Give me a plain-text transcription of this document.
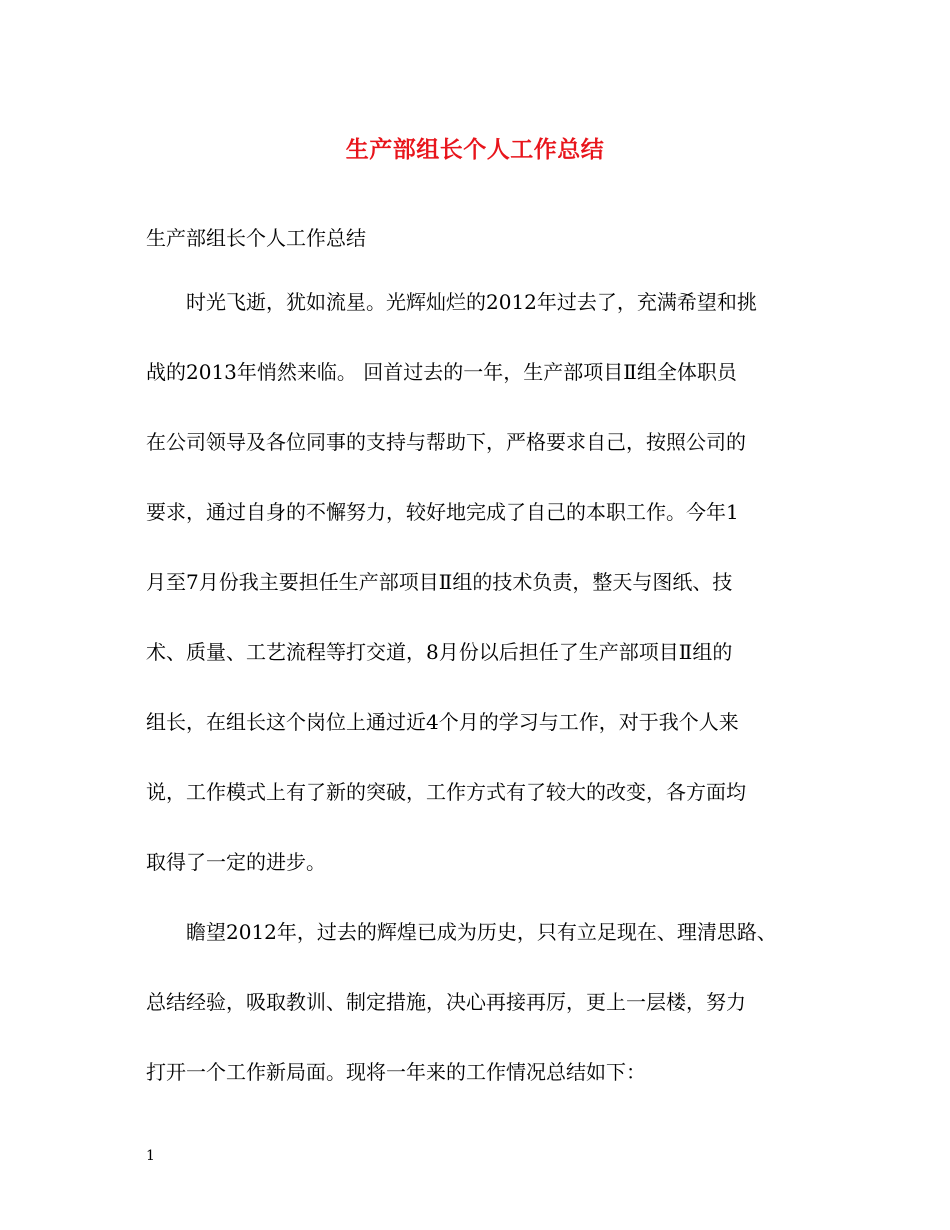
生产部组长个人工作总结
生产部组长个人工作总结
　　时光飞逝，犹如流星。光辉灿烂的2012年过去了，充满希望和挑
战的2013年悄然来临。 回首过去的一年，生产部项目Ⅱ组全体职员
在公司领导及各位同事的支持与帮助下，严格要求自己，按照公司的
要求，通过自身的不懈努力，较好地完成了自己的本职工作。今年1
月至7月份我主要担任生产部项目Ⅱ组的技术负责，整天与图纸、技
术、质量、工艺流程等打交道，8月份以后担任了生产部项目Ⅱ组的
组长，在组长这个岗位上通过近4个月的学习与工作，对于我个人来
说，工作模式上有了新的突破，工作方式有了较大的改变，各方面均
取得了一定的进步。
　　瞻望2012年，过去的辉煌已成为历史，只有立足现在、理清思路、
总结经验，吸取教训、制定措施，决心再接再厉，更上一层楼，努力
打开一个工作新局面。现将一年来的工作情况总结如下：
1
